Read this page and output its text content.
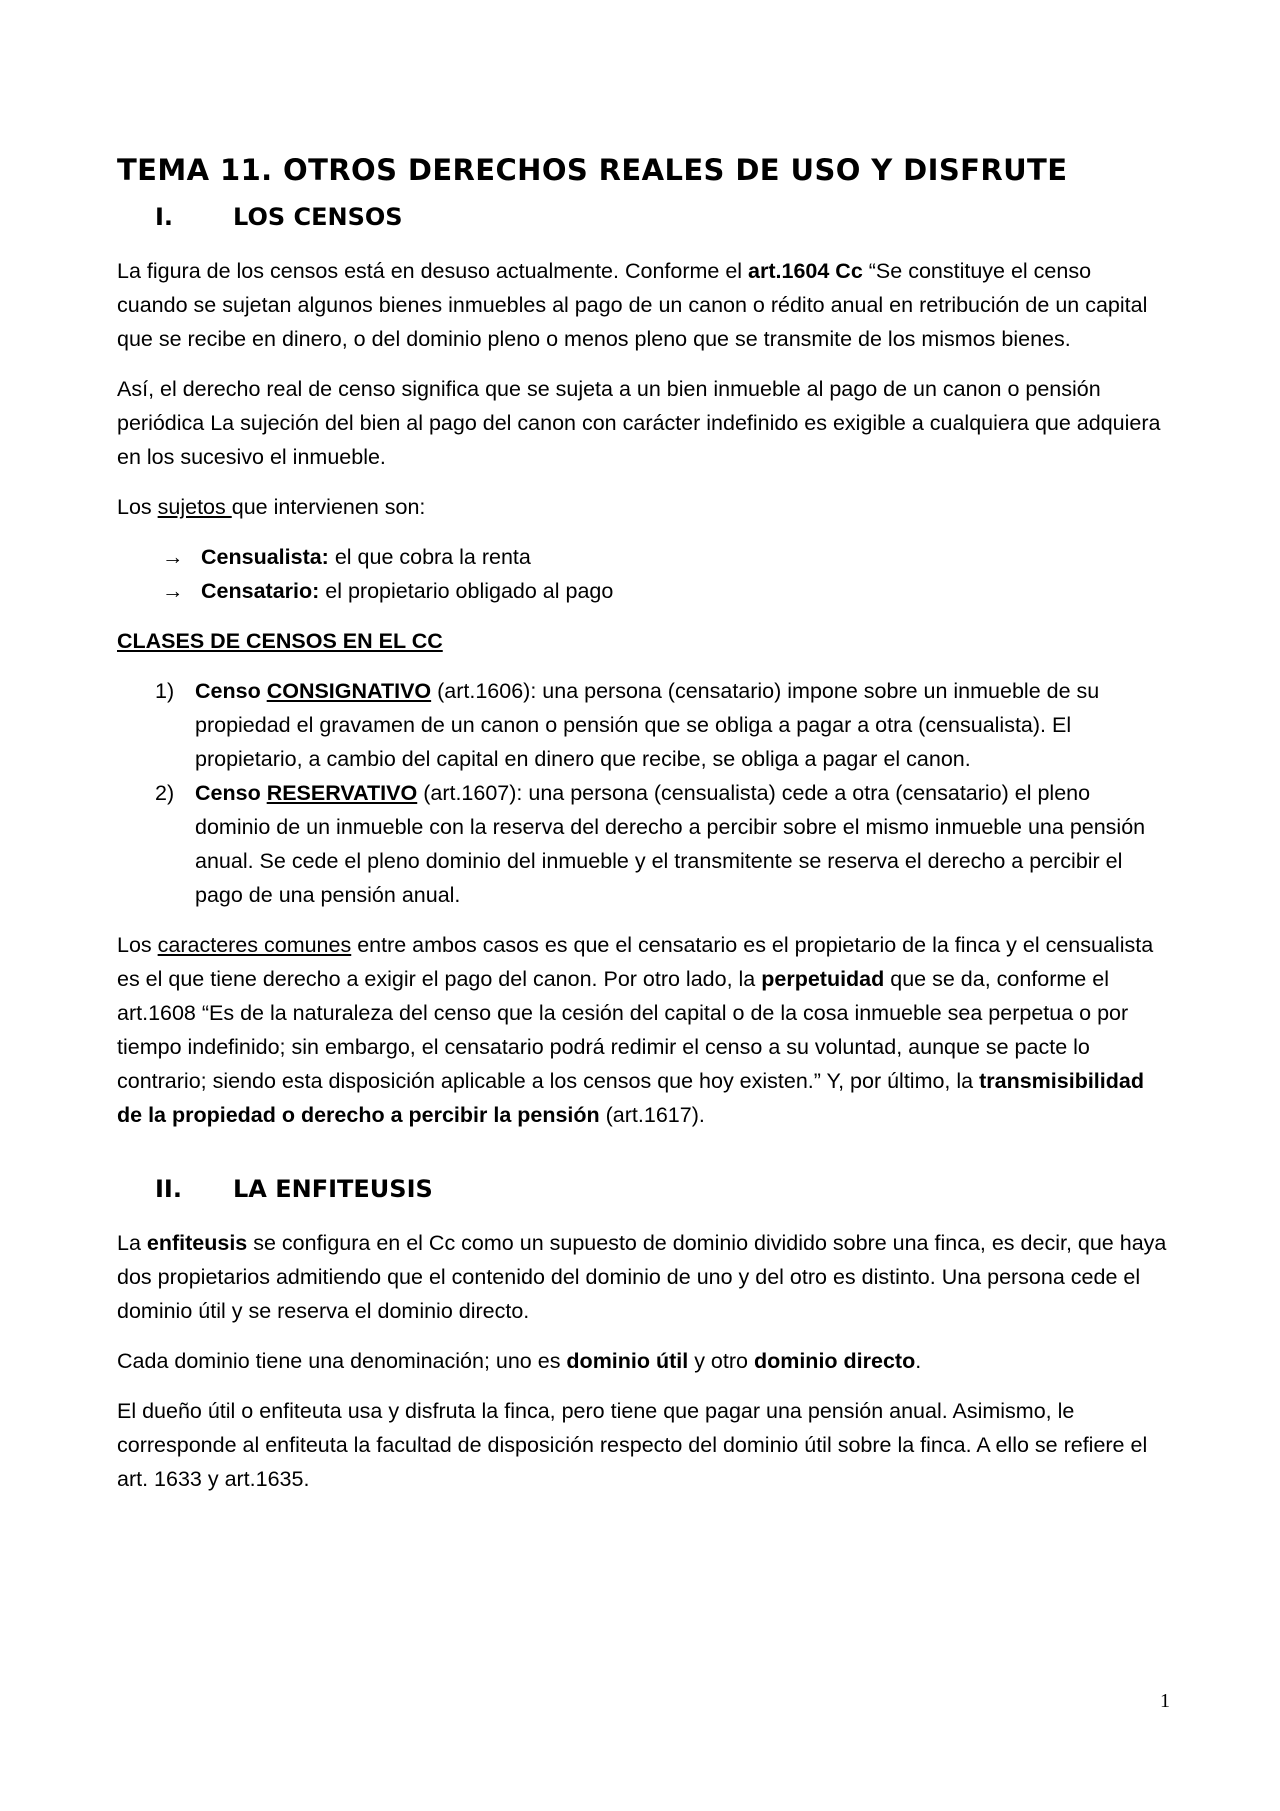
TEMA 11. OTROS DERECHOS REALES DE USO Y DISFRUTE
I.	LOS CENSOS

La figura de los censos está en desuso actualmente. Conforme el art.1604 Cc “Se constituye el censo cuando se sujetan algunos bienes inmuebles al pago de un canon o rédito anual en retribución de un capital que se recibe en dinero, o del dominio pleno o menos pleno que se transmite de los mismos bienes.

Así, el derecho real de censo significa que se sujeta a un bien inmueble al pago de un canon o pensión periódica La sujeción del bien al pago del canon con carácter indefinido es exigible a cualquiera que adquiera en los sucesivo el inmueble.

Los sujetos que intervienen son:

→ Censualista: el que cobra la renta
→ Censatario: el propietario obligado al pago

CLASES DE CENSOS EN EL CC

1) Censo CONSIGNATIVO (art.1606): una persona (censatario) impone sobre un inmueble de su propiedad el gravamen de un canon o pensión que se obliga a pagar a otra (censualista). El propietario, a cambio del capital en dinero que recibe, se obliga a pagar el canon.
2) Censo RESERVATIVO (art.1607): una persona (censualista) cede a otra (censatario) el pleno dominio de un inmueble con la reserva del derecho a percibir sobre el mismo inmueble una pensión anual. Se cede el pleno dominio del inmueble y el transmitente se reserva el derecho a percibir el pago de una pensión anual.

Los caracteres comunes entre ambos casos es que el censatario es el propietario de la finca y el censualista es el que tiene derecho a exigir el pago del canon. Por otro lado, la perpetuidad que se da, conforme el art.1608 “Es de la naturaleza del censo que la cesión del capital o de la cosa inmueble sea perpetua o por tiempo indefinido; sin embargo, el censatario podrá redimir el censo a su voluntad, aunque se pacte lo contrario; siendo esta disposición aplicable a los censos que hoy existen.” Y, por último, la transmisibilidad de la propiedad o derecho a percibir la pensión (art.1617).

II.	LA ENFITEUSIS

La enfiteusis se configura en el Cc como un supuesto de dominio dividido sobre una finca, es decir, que haya dos propietarios admitiendo que el contenido del dominio de uno y del otro es distinto. Una persona cede el dominio útil y se reserva el dominio directo.

Cada dominio tiene una denominación; uno es dominio útil y otro dominio directo.

El dueño útil o enfiteuta usa y disfruta la finca, pero tiene que pagar una pensión anual. Asimismo, le corresponde al enfiteuta la facultad de disposición respecto del dominio útil sobre la finca. A ello se refiere el art. 1633 y art.1635.

1
